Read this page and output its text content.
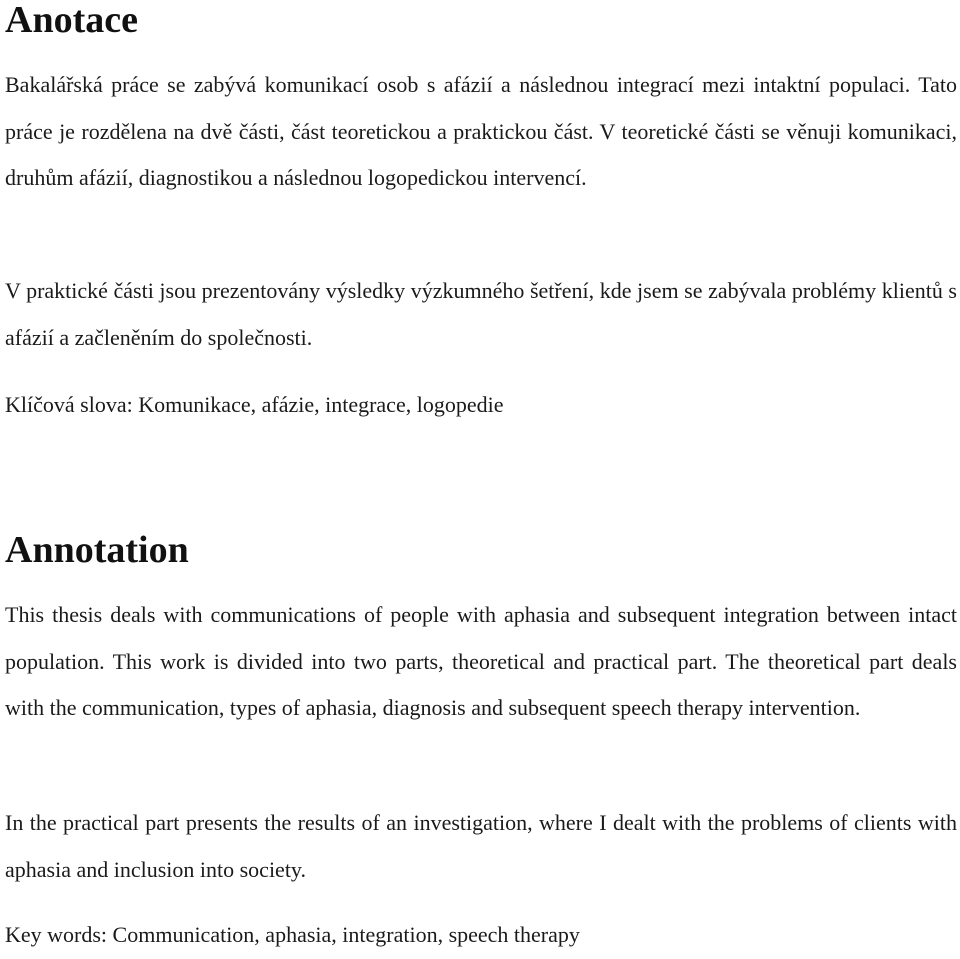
Anotace

Bakalářská práce se zabývá komunikací osob s afázií a následnou integrací mezi intaktní populaci. Tato práce je rozdělena na dvě části, část teoretickou a praktickou část. V teoretické části se věnuji komunikaci, druhům afázií, diagnostikou a následnou logopedickou intervencí.

V praktické části jsou prezentovány výsledky výzkumného šetření, kde jsem se zabývala problémy klientů s afázií a začleněním do společnosti.

Klíčová slova: Komunikace, afázie, integrace, logopedie

Annotation

This thesis deals with communications of people with aphasia and subsequent integration between intact population. This work is divided into two parts, theoretical and practical part. The theoretical part deals with the communication, types of aphasia, diagnosis and subsequent speech therapy intervention.

In the practical part presents the results of an investigation, where I dealt with the problems of clients with aphasia and inclusion into society.

Key words: Communication, aphasia, integration, speech therapy
